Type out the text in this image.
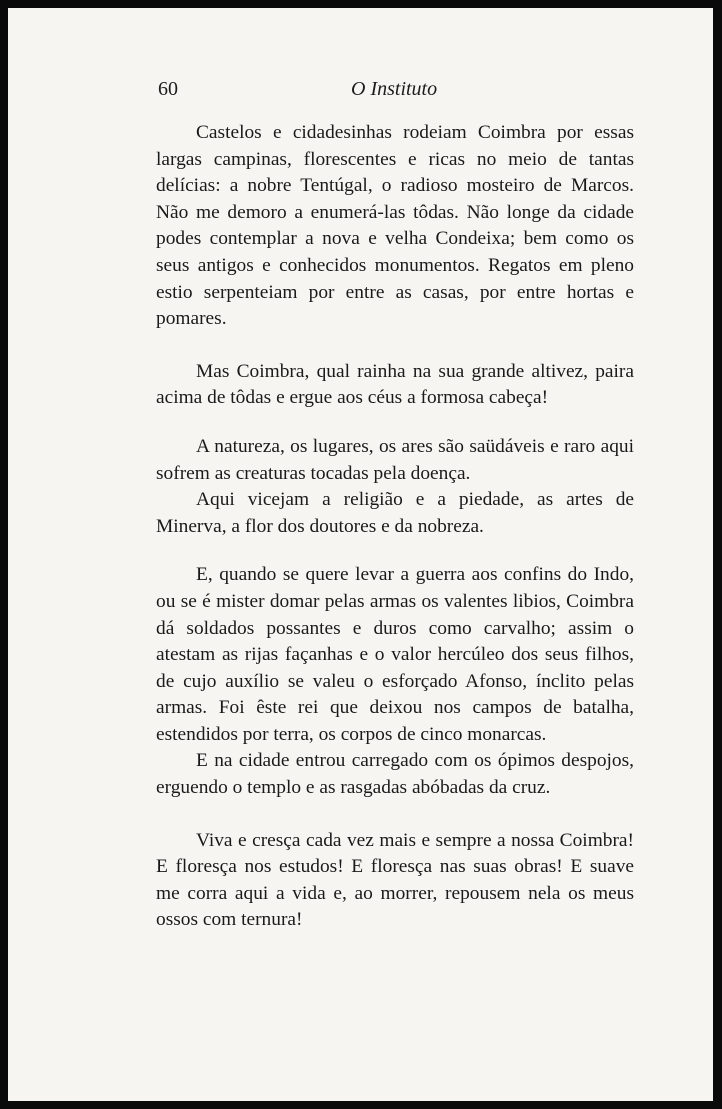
60	O Instituto

Castelos e cidadesinhas rodeiam Coimbra por essas largas campinas, florescentes e ricas no meio de tantas delícias: a nobre Tentúgal, o radioso mosteiro de Marcos. Não me demoro a enumerá-las tôdas. Não longe da cidade podes contemplar a nova e velha Condeixa; bem como os seus antigos e conhecidos monumentos. Regatos em pleno estio serpenteiam por entre as casas, por entre hortas e pomares.

Mas Coimbra, qual rainha na sua grande altivez, paira acima de tôdas e ergue aos céus a formosa cabeça!

A natureza, os lugares, os ares são saüdáveis e raro aqui sofrem as creaturas tocadas pela doença.

Aqui vicejam a religião e a piedade, as artes de Minerva, a flor dos doutores e da nobreza.

E, quando se quere levar a guerra aos confins do Indo, ou se é mister domar pelas armas os valentes libios, Coimbra dá soldados possantes e duros como carvalho; assim o atestam as rijas façanhas e o valor hercúleo dos seus filhos, de cujo auxílio se valeu o esforçado Afonso, ínclito pelas armas. Foi êste rei que deixou nos campos de batalha, estendidos por terra, os corpos de cinco monarcas.

E na cidade entrou carregado com os ópimos despojos, erguendo o templo e as rasgadas abóbadas da cruz.

Viva e cresça cada vez mais e sempre a nossa Coimbra! E floresça nos estudos! E floresça nas suas obras! E suave me corra aqui a vida e, ao morrer, repousem nela os meus ossos com ternura!
